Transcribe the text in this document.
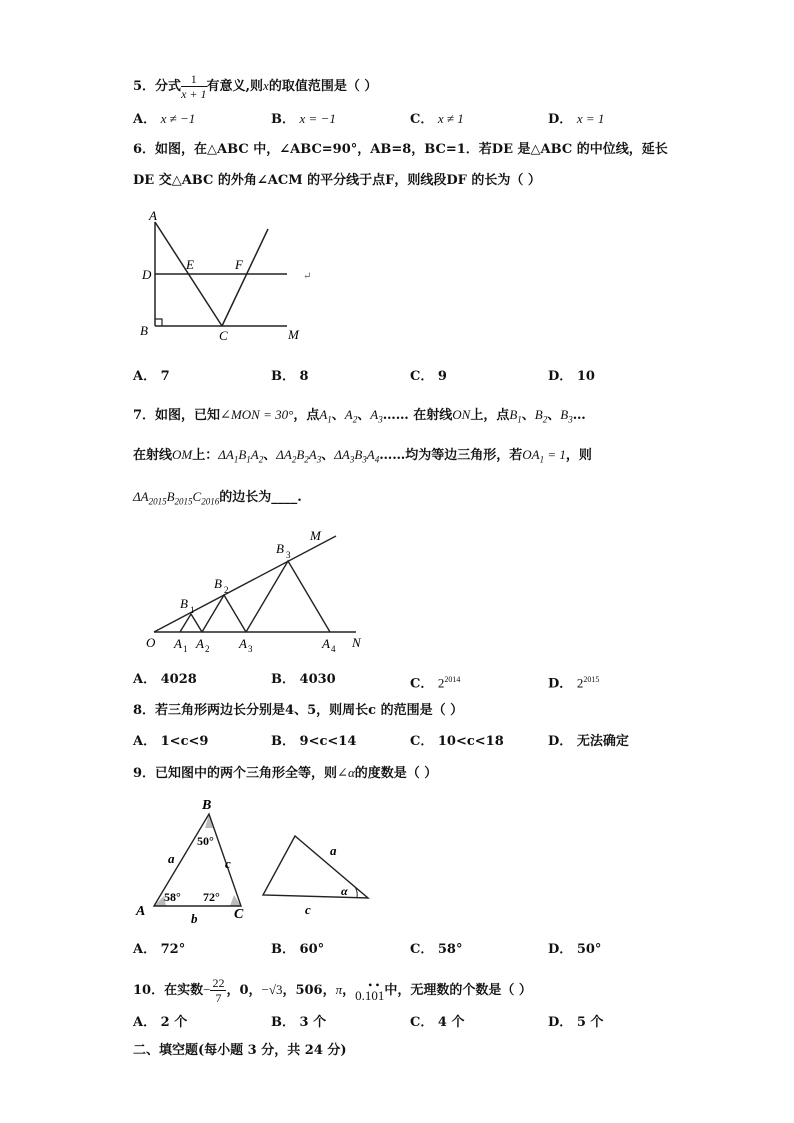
5．分式 $\frac{1}{x + 1}$ 有意义,则x的取值范围是（ ）
A． x ≠ −1	B． x = −1	C． x ≠ 1	D． x = 1
6．如图，在△ABC 中，∠ABC=90°，AB=8，BC=1．若DE 是△ABC 的中位线，延长
DE 交△ABC 的外角∠ACM 的平分线于点F，则线段DF 的长为（ ）
A
D
E	F
B	C	M
↵
A． 7	B． 8	C． 9	D． 10
7．如图，已知∠MON = 30°，点$A_1$、$A_2$、$A_3\dots\dots$ 在射线ON上，点$B_1$、$B_2$、$B_3\dots$
在射线OM上：$\Delta A_1B_1A_2$、$\Delta A_2B_2A_3$、$\Delta A_3B_3A_4\dots\dots$均为等边三角形，若$OA_1 = 1$，则
$\Delta A_{2015}B_{2015}C_{2016}$的边长为____.
M
B 3
B 2
B 1
O A 1 A 2 A 3	A 4 N
A． 4028	B． 4030	C． $2^{2014}$	D． $2^{2015}$
8．若三角形两边长分别是4、5，则周长c 的范围是（ ）
A． 1<c<9	B． 9<c<14	C． 10<c<18	D． 无法确定
9．已知图中的两个三角形全等，则∠α的度数是（ ）
B
A	C
a
b
c
50°
58° 72°
a
c
α
A． 72°	B． 60°	C． 58°	D． 50°
10．在实数− $\frac{22}{7}$ ，0，−√3，506，π，0.101
• • 中，无理数的个数是（ ）
A． 2 个	B． 3 个	C． 4 个	D． 5 个
二、填空题(每小题 3 分，共 24 分)
